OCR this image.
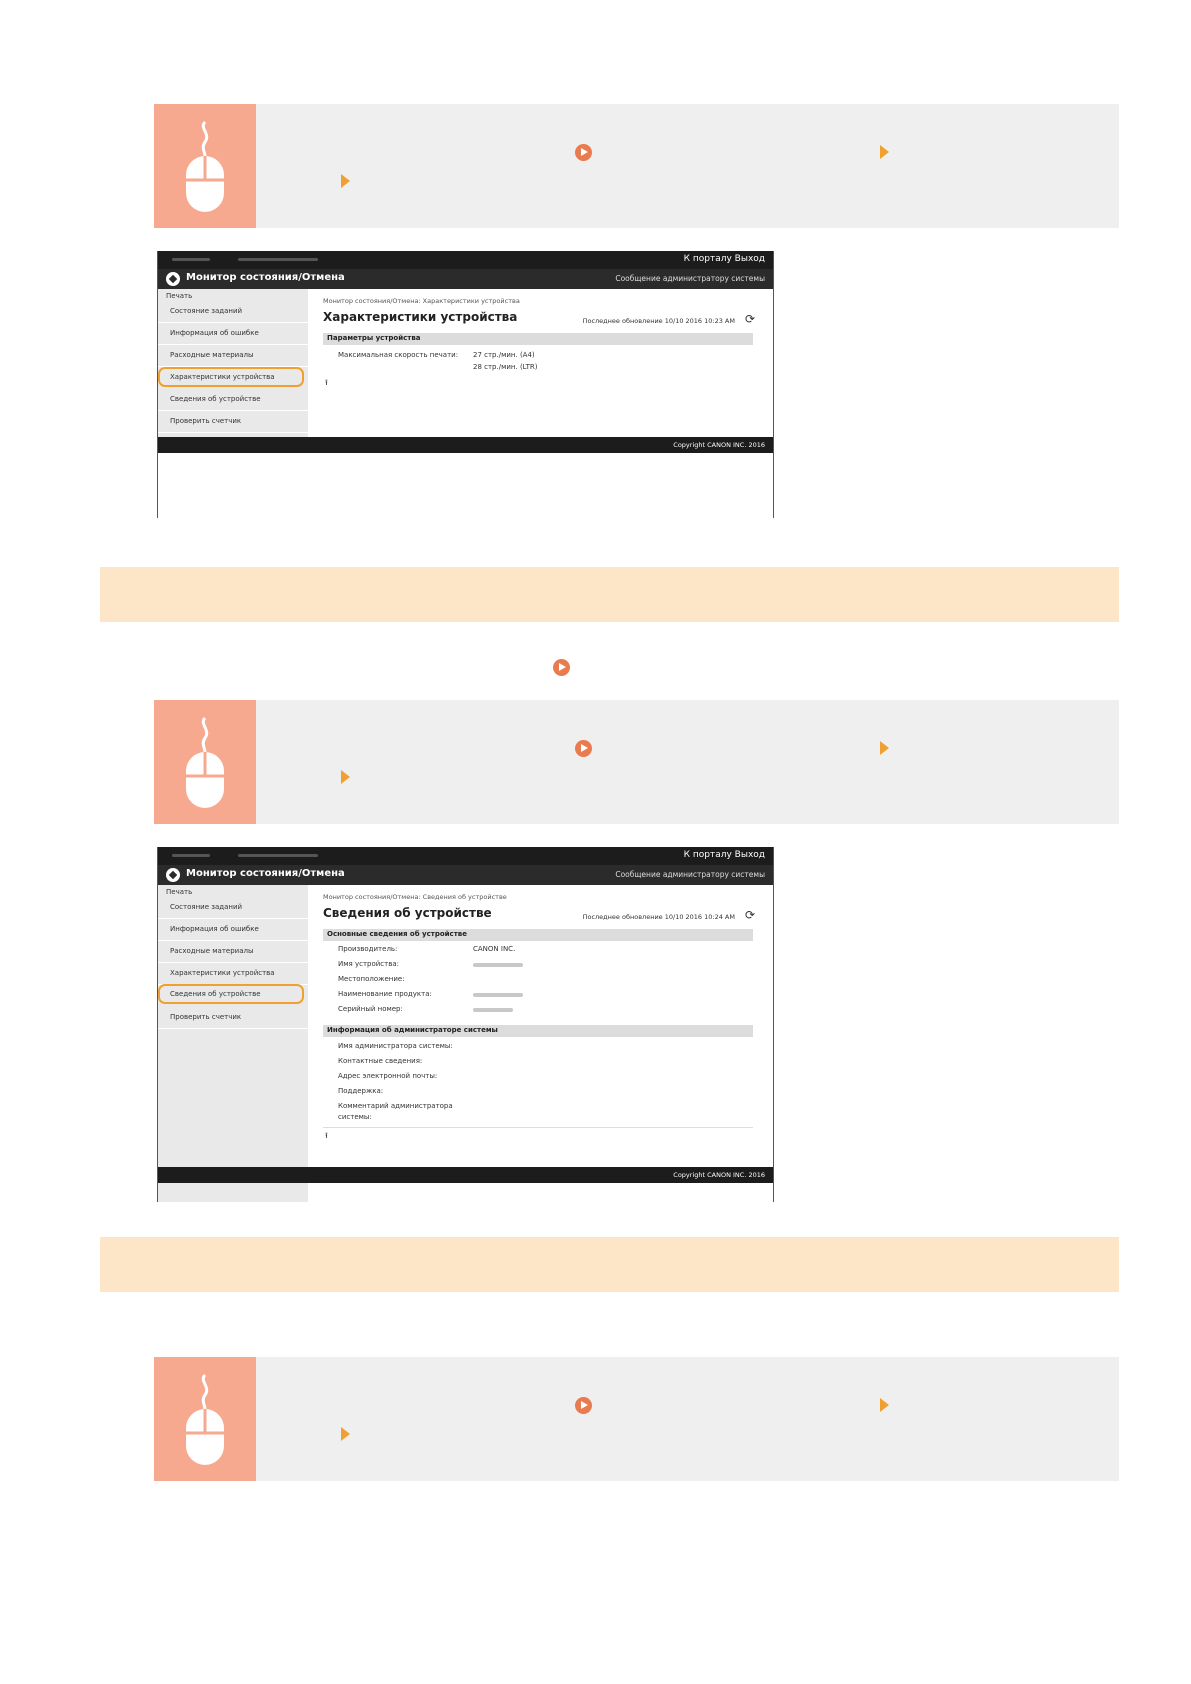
К порталу Выход
Монитор состояния/Отмена	Сообщение администратору системы
Печать
Состояние заданий
Информация об ошибке
Расходные материалы
Характеристики устройства
Сведения об устройстве
Проверить счетчик
Монитор состояния/Отмена: Характеристики устройства
Характеристики устройства	Последнее обновление 10/10 2016 10:23 AM ⟳
Параметры устройства
Максимальная скорость печати: 27 стр./мин. (A4)
28 стр./мин. (LTR)
⭱
Copyright CANON INC. 2016
К порталу Выход
Монитор состояния/Отмена	Сообщение администратору системы
Печать
Состояние заданий
Информация об ошибке
Расходные материалы
Характеристики устройства
Сведения об устройстве
Проверить счетчик
Монитор состояния/Отмена: Сведения об устройстве
Сведения об устройстве	Последнее обновление 10/10 2016 10:24 AM ⟳
Основные сведения об устройстве
Производитель:	CANON INC.
Имя устройства:
Местоположение:
Наименование продукта:
Серийный номер:
Информация об администраторе системы
Имя администратора системы:
Контактные сведения:
Адрес электронной почты:
Поддержка:
Комментарий администратора
системы:
⭱
Copyright CANON INC. 2016
